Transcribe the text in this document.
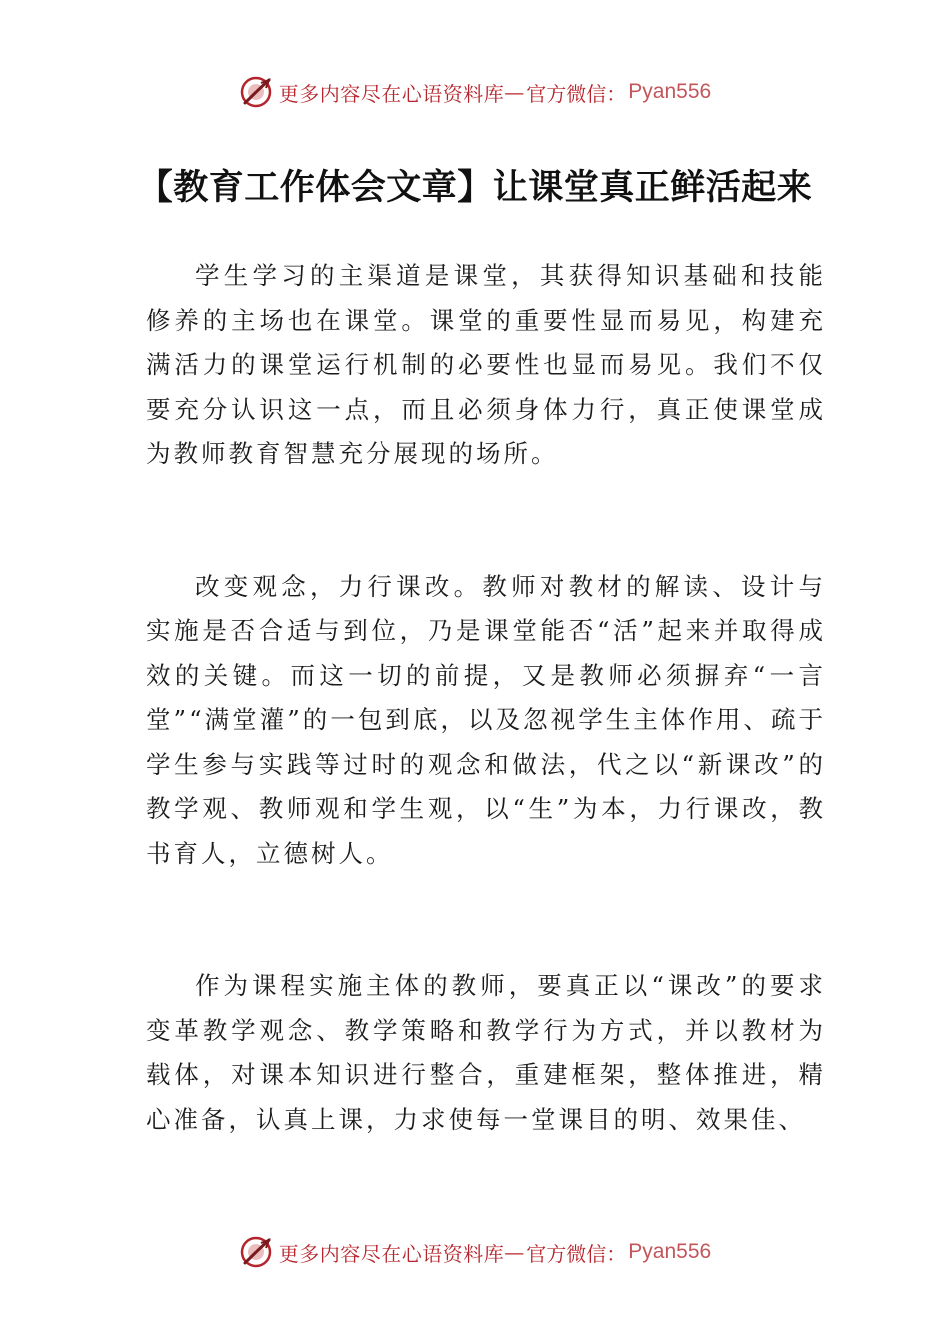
更多内容尽在心语资料库 — 官方微信： Pyan556
【教育工作体会文章】让课堂真正鲜活起来

学生学习的主渠道是课堂，其获得知识基础和技能修养的主场也在课堂。课堂的重要性显而易见，构建充满活力的课堂运行机制的必要性也显而易见。我们不仅要充分认识这一点，而且必须身体力行，真正使课堂成为教师教育智慧充分展现的场所。

改变观念，力行课改。教师对教材的解读、设计与实施是否合适与到位，乃是课堂能否“活”起来并取得成效的关键。而这一切的前提，又是教师必须摒弃“一言堂”“满堂灌”的一包到底，以及忽视学生主体作用、疏于学生参与实践等过时的观念和做法，代之以“新课改”的教学观、教师观和学生观，以“生”为本，力行课改，教书育人，立德树人。

作为课程实施主体的教师，要真正以“课改”的要求变革教学观念、教学策略和教学行为方式，并以教材为载体，对课本知识进行整合，重建框架，整体推进，精心准备，认真上课，力求使每一堂课目的明、效果佳、

更多内容尽在心语资料库 — 官方微信： Pyan556
